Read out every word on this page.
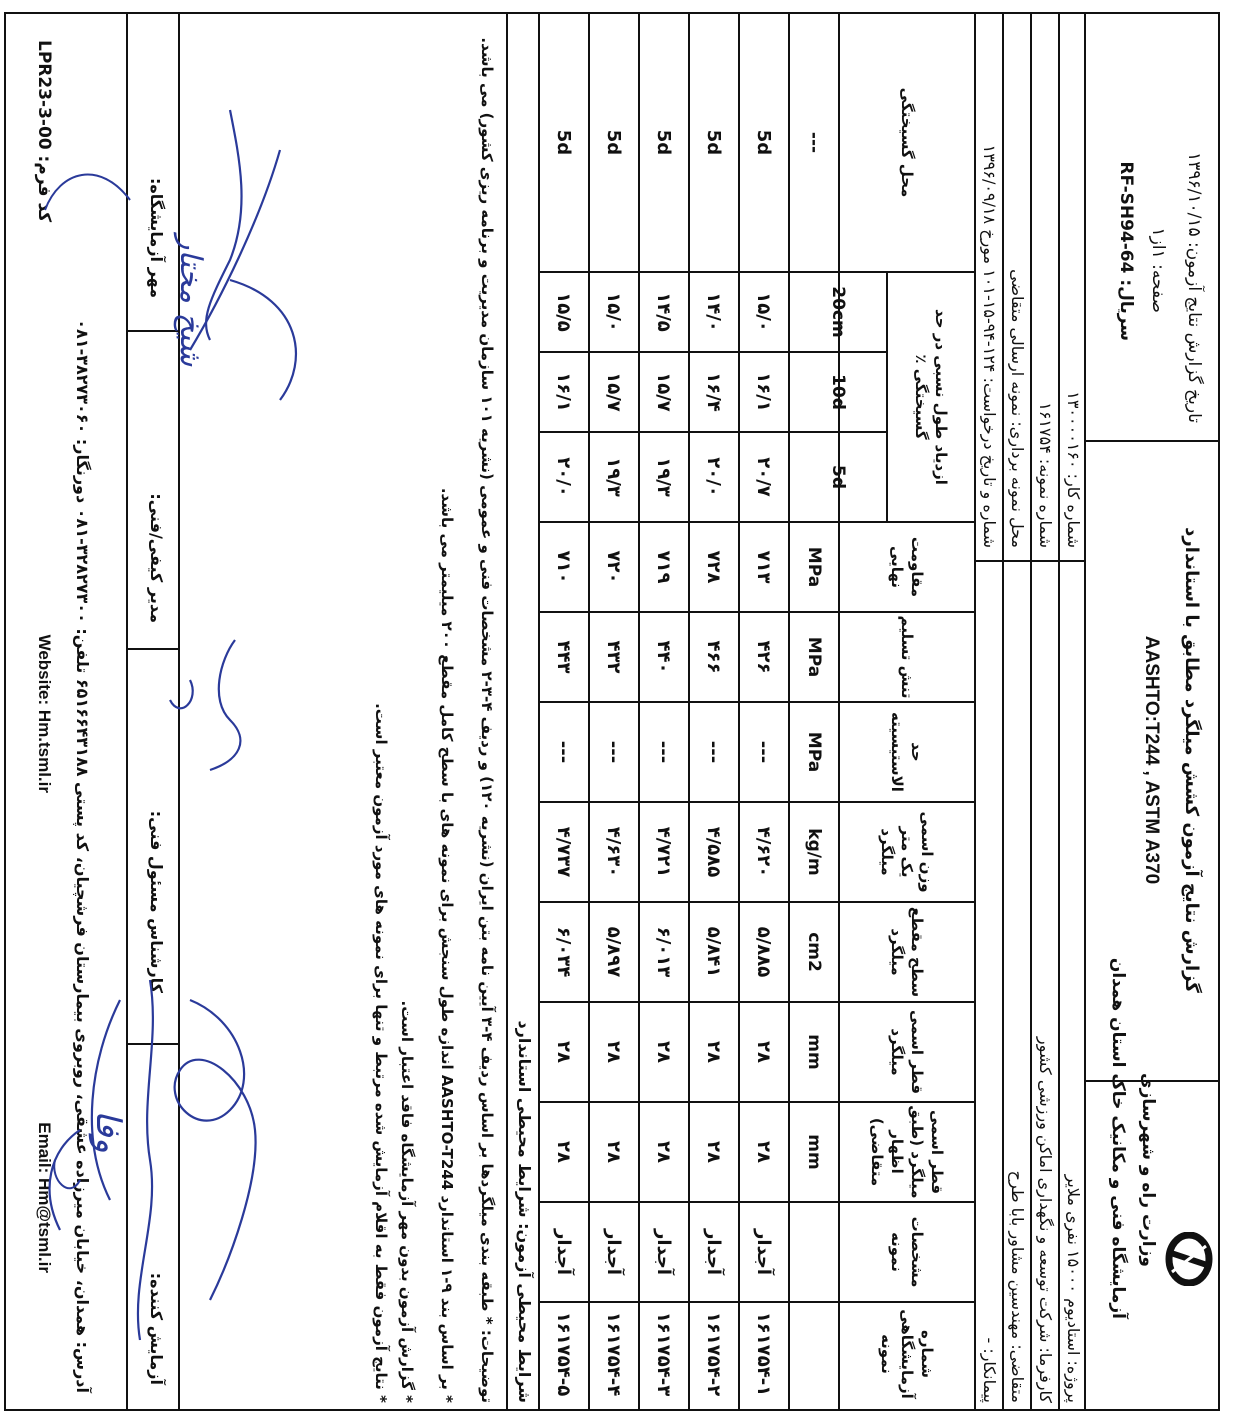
وزارت راه و شهرسازی
آزمایشگاه فنی و مکانیک خاک استان همدان
گزارش نتایج آزمون کشش میلگرد مطابق با استاندارد
AASHTO:T244 , ASTM A370
تاریخ گزارش نتایج آزمون: ۱۳۹۶/۱۰/۱۵
صفحه: ۱از۱
سریال: RF-SH94-64
پروژه: استادیوم ۱۵۰۰۰ نفری ملایر
کارفرما: شرکت توسعه و نگهداری اماکن ورزشی کشور
متقاضی: مهندسین مشاور بابا طرح
پیمانکار: -
شماره کار: ۱۳۰۰۰۰۱۶۰
شماره نمونه: ۱۶۱۷۵۴
محل نمونه برداری: نمونه ارسالی متقاضی
شماره و تاریخ درخواست: ۱۲۴-۹۴-۱۵-۱۰۱ مورخ ۱۳۹۶/۰۹/۱۸
شماره آزمایشگاهی نمونه
مشخصات نمونه
قطر اسمی میلگرد (طبق اظهار متقاضی)
قطر اسمی میلگرد
سطح مقطع میلگرد
وزن اسمی یک متر میلگرد
حد الاستیسیته
تنش تسلیم
مقاومت نهایی
ازدیاد طول نسبی در حد گسیختگی ٪
محل گسیختگی
mm
mm
cm2
kg/m
MPa
MPa
MPa
5d
10d
20cm
---
۱۶۱۷۵۴-۱
آجدار
۲۸
۲۸
۵/۸۸۵
۴/۶۲۰
---
۴۲۶
۷۱۳
۲۰/۷
۱۶/۱
۱۵/۰
5d
۱۶۱۷۵۴-۲
آجدار
۲۸
۲۸
۵/۸۴۱
۴/۵۸۵
---
۴۶۶
۷۲۸
۲۰/۰
۱۶/۴
۱۴/۰
5d
۱۶۱۷۵۴-۳
آجدار
۲۸
۲۸
۶/۰۱۳
۴/۷۲۱
---
۴۴۰
۷۱۹
۱۹/۳
۱۵/۷
۱۴/۵
5d
۱۶۱۷۵۴-۴
آجدار
۲۸
۲۸
۵/۸۹۷
۴/۶۳۰
---
۴۳۲
۷۲۰
۱۹/۳
۱۵/۷
۱۵/۰
5d
۱۶۱۷۵۴-۵
آجدار
۲۸
۲۸
۶/۰۳۴
۴/۷۳۷
---
۴۴۳
۷۱۰
۲۰/۰
۱۶/۱
۱۵/۵
5d
شرایط محیطی آزمون: شرایط محیطی استاندارد
توضیحات: * طبقه بندی میلگردها بر اساس ردیف ۴-۳ آیین نامه بتن ایران (نشریه ۱۲۰) و ردیف ۴-۳-۲ مشخصات فنی و عمومی (نشریه ۱۰۱ سازمان مدیریت و برنامه ریزی کشور) می باشد.
* بر اساس بند ۹-۱ استاندارد AASHTO-T244 اندازه طول سنجش برای نمونه های با سطح کامل مقطع ۲۰۰ میلیمتر می باشد.
* گزارش آزمون بدون مهر آزمایشگاه فاقد اعتبار است.
* نتایج آزمون فقط به اقلام آزمایش شده مرتبط و تنها برای نمونه های مورد آزمون معتبر است.
آزمایش کننده:
کارشناس مسئول فنی:
مدیر کیفی/فنی:
مهر آزمایشگاه:
آدرس: همدان، خیابان میرزاده عشقی، روبروی بیمارستان فرشچیان، کد پستی ۶۵۱۶۶۴۳۱۸۸ تلفن: ۳۲۸۲۷۳۰۰-۰۸۱ دورنگار: ۳۸۲۷۳۰۶۰-۰۸۱
Email: Hm@tsml.ir
Website: Hm.tsml.ir
کد فرم: LPR23-3-00
وفا
شیخ مختار
